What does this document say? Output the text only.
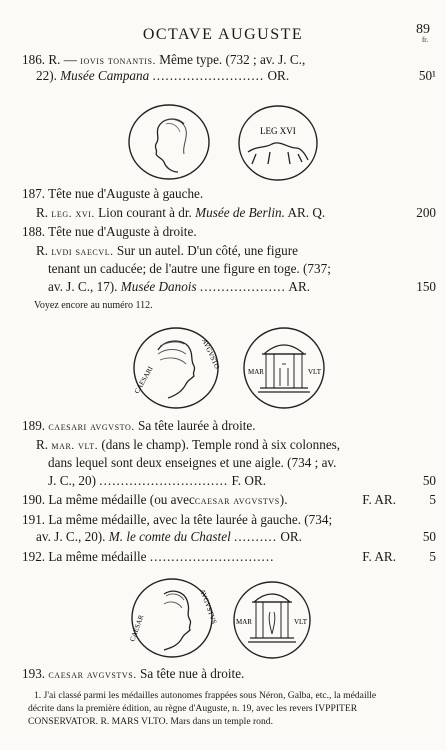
OCTAVE AUGUSTE	89
fr.
186. R. — iovis tonantis. Même type. (732 ; av. J. C.,
22). Musée Campana .......................... OR.	50¹
LEG XVI
187. Tête nue d'Auguste à gauche.
R. leg. xvi. Lion courant à dr. Musée de Berlin. AR. Q.	200
188. Tête nue d'Auguste à droite.
R. lvdi saecvl. Sur un autel. D'un côté, une figure
tenant un caducée; de l'autre une figure en toge. (737;
av. J. C., 17). Musée Danois .................... AR.	150
Voyez encore au numéro 112.
CAESARI
AVGVSTO
MAR	VLT
189. caesari avgvsto. Sa tête laurée à droite.
R. mar. vlt. (dans le champ). Temple rond à six colonnes,
dans lequel sont deux enseignes et une aigle. (734 ; av.
J. C., 20) .............................. F. OR.	50
190. La même médaille (ou aveccaesar avgvstvs).	F. AR.	5
191. La même médaille, avec la tête laurée à gauche. (734;
av. J. C., 20). M. le comte du Chastel .......... OR.	50
192. La même médaille .............................	F. AR.	5
CAESAR
AVGVSTVS	MAR	VLT
193. caesar avgvstvs. Sa tête nue à droite.
1. J'ai classé parmi les médailles autonomes frappées sous Néron, Galba, etc., la médaille
décrite dans la première édition, au règne d'Auguste, n. 19, avec les revers IVPPITER
CONSERVATOR. R. MARS VLTO. Mars dans un temple rond.
